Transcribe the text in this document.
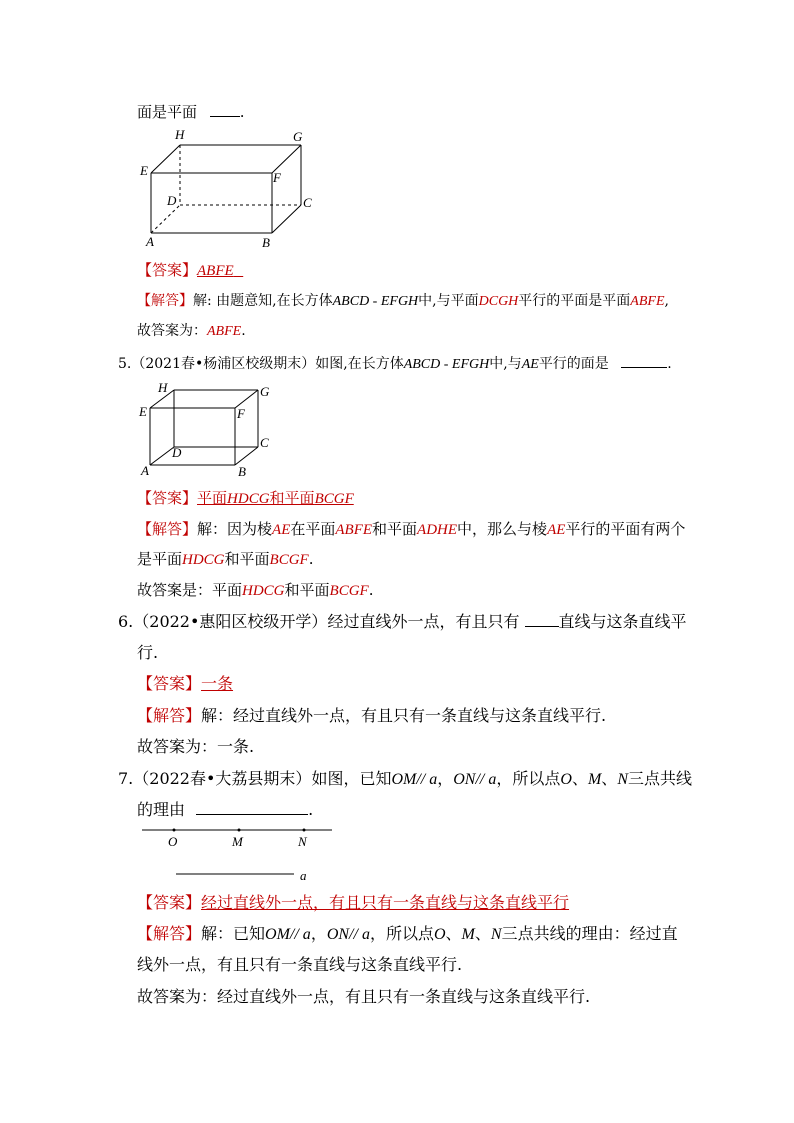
面是平面	.
H	G
E	F
D	C
A	B
【答案】ABFE
【解答】解: 由题意知,在长方体ABCD - EFGH中,与平面DCGH平行的平面是平面ABFE,
故答案为：ABFE.
5.（2021春•杨浦区校级期末）如图,在长方体ABCD - EFGH中,与AE平行的面是	.
H	G
E	F
D
C
A	B
【答案】平面HDCG和平面BCGF
【解答】解：因为棱AE在平面ABFE和平面ADHE中，那么与棱AE平行的平面有两个
是平面HDCG和平面BCGF.
故答案是：平面HDCG和平面BCGF.
6.（2022•惠阳区校级开学）经过直线外一点，有且只有 直线与这条直线平
行.
【答案】一条
【解答】解：经过直线外一点，有且只有一条直线与这条直线平行.
故答案为：一条.
7.（2022春•大荔县期末）如图，已知OM// a，ON// a，所以点O、M、N三点共线
的理由	.
O	M	N
a
【答案】经过直线外一点，有且只有一条直线与这条直线平行
【解答】解：已知OM// a，ON// a，所以点O、M、N三点共线的理由：经过直
线外一点，有且只有一条直线与这条直线平行.
故答案为：经过直线外一点，有且只有一条直线与这条直线平行.
